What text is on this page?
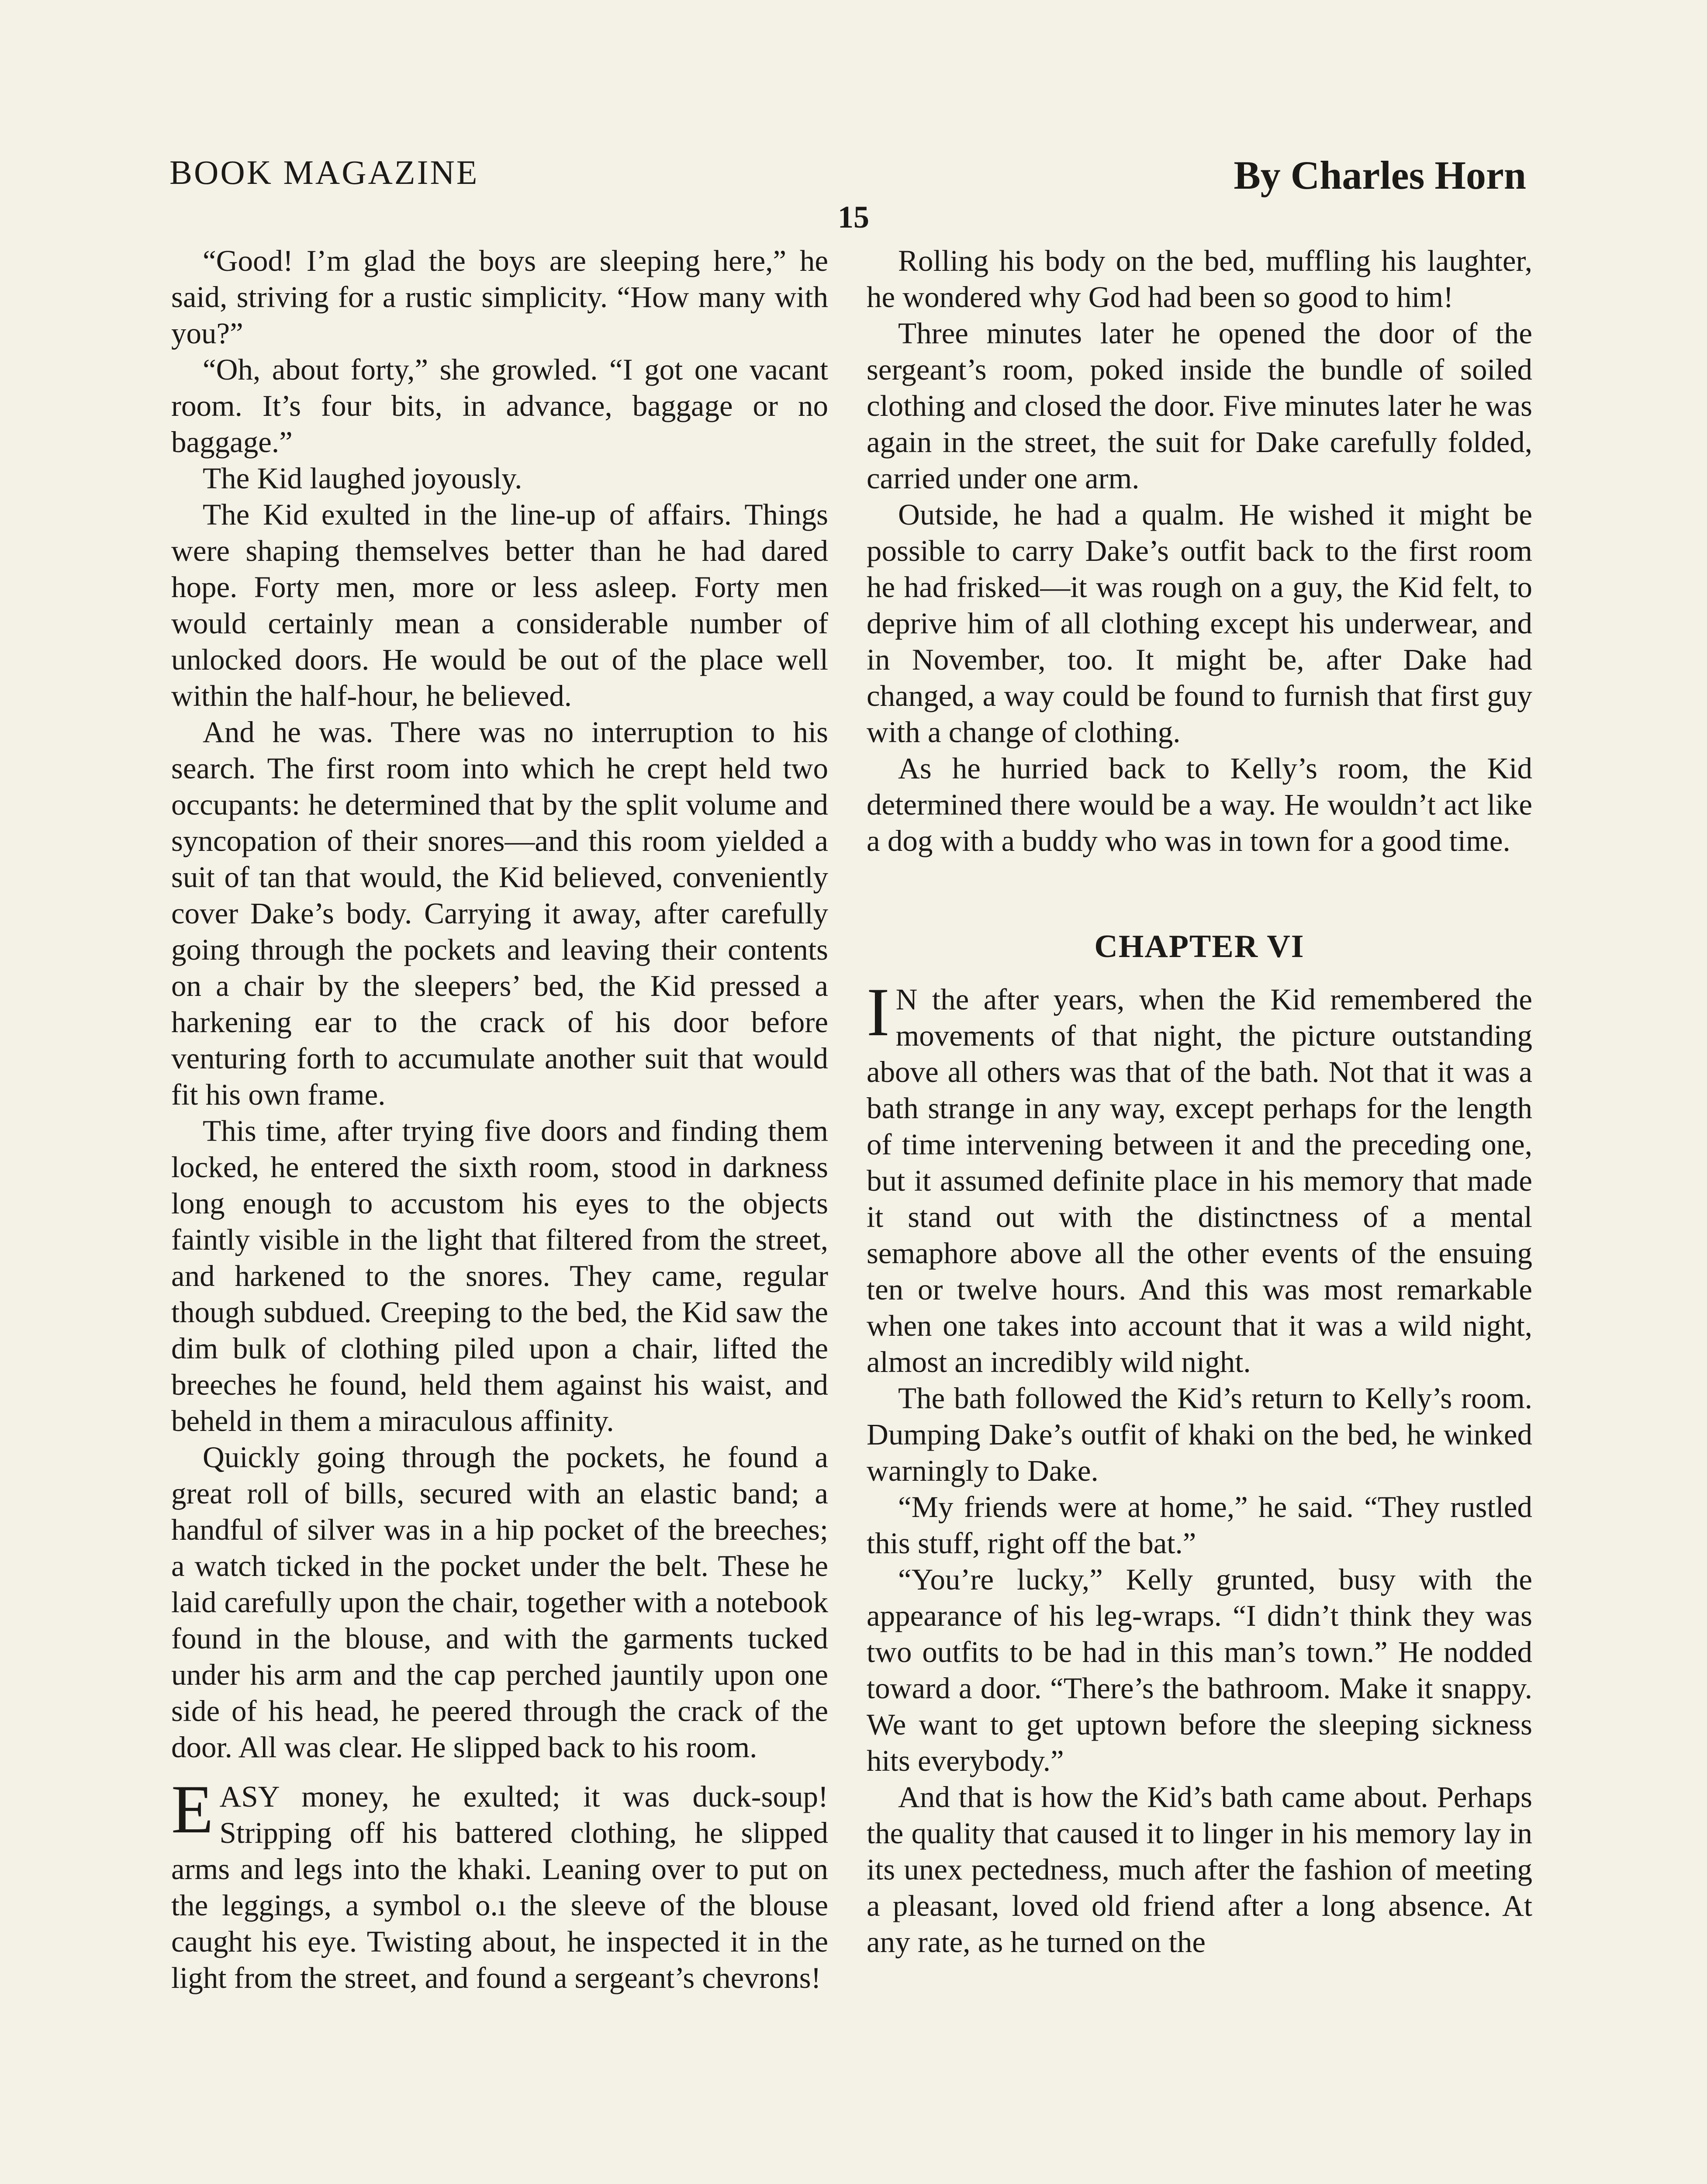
BOOK MAGAZINE	By Charles Horn
15

“Good! I’m glad the boys are sleeping here,” he said, striving for a rustic simplicity. “How many with you?”

“Oh, about forty,” she growled. “I got one vacant room. It’s four bits, in advance, baggage or no baggage.”

The Kid laughed joyously.

The Kid exulted in the line-up of affairs. Things were shaping themselves better than he had dared hope. Forty men, more or less asleep. Forty men would certainly mean a considerable number of unlocked doors. He would be out of the place well within the half-hour, he believed.

And he was. There was no interruption to his search. The first room into which he crept held two occupants: he determined that by the split volume and syncopation of their snores—and this room yielded a suit of tan that would, the Kid believed, conveniently cover Dake’s body. Carrying it away, after carefully going through the pockets and leaving their contents on a chair by the sleepers’ bed, the Kid pressed a harkening ear to the crack of his door before venturing forth to accumulate another suit that would fit his own frame.

This time, after trying five doors and finding them locked, he entered the sixth room, stood in darkness long enough to accustom his eyes to the objects faintly visible in the light that filtered from the street, and harkened to the snores. They came, regular though subdued. Creeping to the bed, the Kid saw the dim bulk of clothing piled upon a chair, lifted the breeches he found, held them against his waist, and beheld in them a miraculous affinity.

Quickly going through the pockets, he found a great roll of bills, secured with an elastic band; a handful of silver was in a hip pocket of the breeches; a watch ticked in the pocket under the belt. These he laid carefully upon the chair, together with a notebook found in the blouse, and with the garments tucked under his arm and the cap perched jauntily upon one side of his head, he peered through the crack of the door. All was clear. He slipped back to his room.

EASY money, he exulted; it was duck-soup! Stripping off his battered clothing, he slipped arms and legs into the khaki. Leaning over to put on the leggings, a symbol o.ı the sleeve of the blouse caught his eye. Twisting about, he inspected it in the light from the street, and found a sergeant’s chevrons!

Rolling his body on the bed, muffling his laughter, he wondered why God had been so good to him!

Three minutes later he opened the door of the sergeant’s room, poked inside the bundle of soiled clothing and closed the door. Five minutes later he was again in the street, the suit for Dake carefully folded, carried under one arm.

Outside, he had a qualm. He wished it might be possible to carry Dake’s outfit back to the first room he had frisked—it was rough on a guy, the Kid felt, to deprive him of all clothing except his underwear, and in November, too. It might be, after Dake had changed, a way could be found to furnish that first guy with a change of clothing.

As he hurried back to Kelly’s room, the Kid determined there would be a way. He wouldn’t act like a dog with a buddy who was in town for a good time.

CHAPTER VI

I N the after years, when the Kid remembered the movements of that night, the picture outstanding above all others was that of the bath. Not that it was a bath strange in any way, except perhaps for the length of time intervening between it and the preceding one, but it assumed definite place in his memory that made it stand out with the distinctness of a mental semaphore above all the other events of the ensuing ten or twelve hours. And this was most remarkable when one takes into account that it was a wild night, almost an incredibly wild night.

The bath followed the Kid’s return to Kelly’s room. Dumping Dake’s outfit of khaki on the bed, he winked warningly to Dake.

“My friends were at home,” he said. “They rustled this stuff, right off the bat.”

“You’re lucky,” Kelly grunted, busy with the appearance of his leg-wraps. “I didn’t think they was two outfits to be had in this man’s town.” He nodded toward a door. “There’s the bathroom. Make it snappy. We want to get uptown before the sleeping sickness hits everybody.”

And that is how the Kid’s bath came about. Perhaps the quality that caused it to linger in his memory lay in its unex pectedness, much after the fashion of meeting a pleasant, loved old friend after a long absence. At any rate, as he turned on the
